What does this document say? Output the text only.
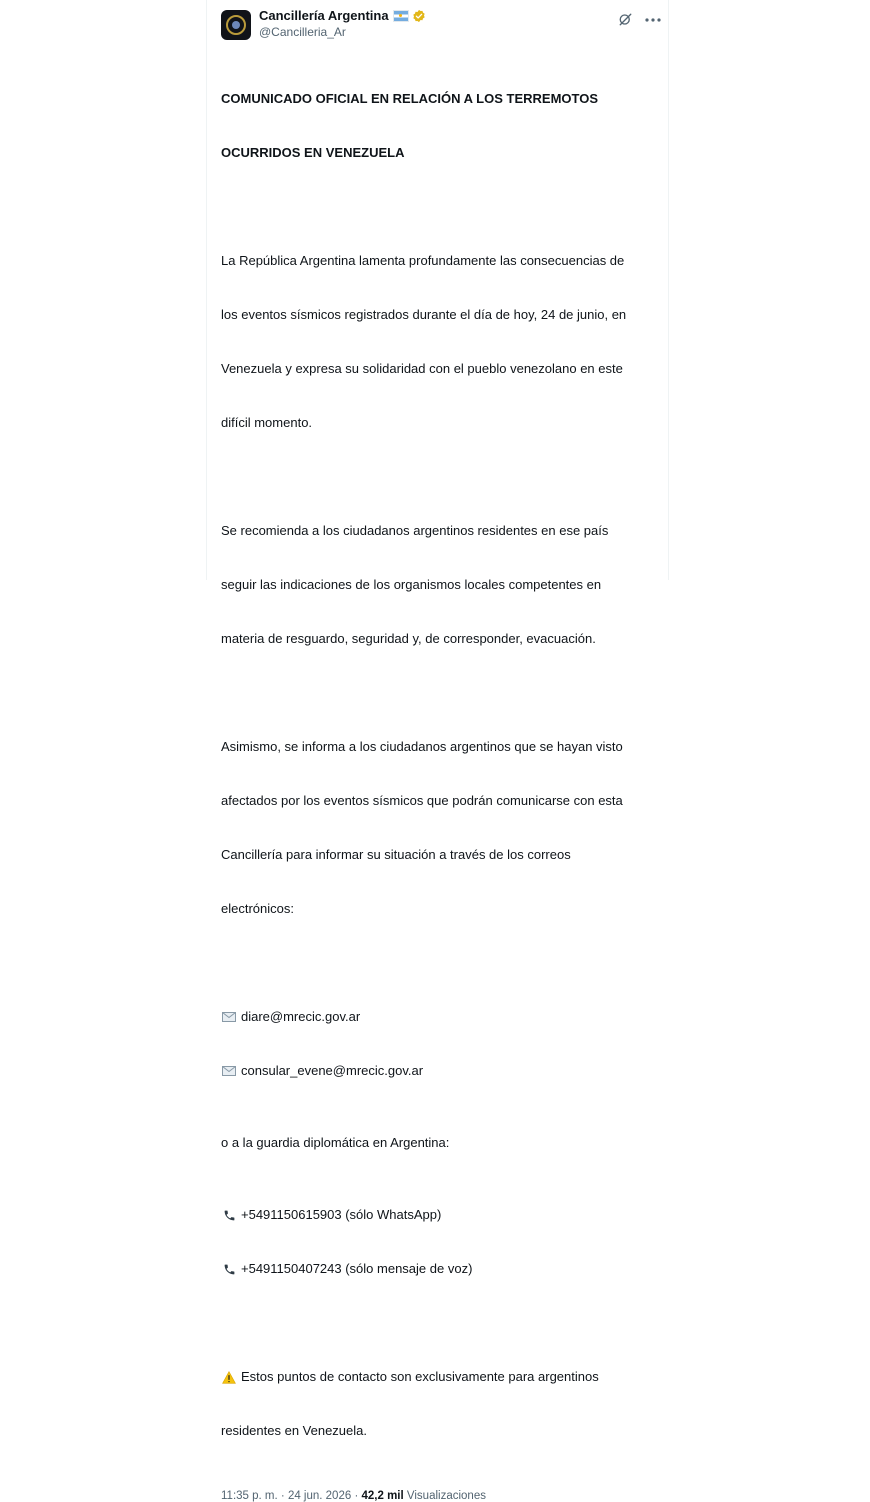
Cancillería Argentina
@Cancilleria_Ar

COMUNICADO OFICIAL EN RELACIÓN A LOS TERREMOTOS

OCURRIDOS EN VENEZUELA

La República Argentina lamenta profundamente las consecuencias de

los eventos sísmicos registrados durante el día de hoy, 24 de junio, en

Venezuela y expresa su solidaridad con el pueblo venezolano en este

difícil momento.

Se recomienda a los ciudadanos argentinos residentes en ese país

seguir las indicaciones de los organismos locales competentes en

materia de resguardo, seguridad y, de corresponder, evacuación.

Asimismo, se informa a los ciudadanos argentinos que se hayan visto

afectados por los eventos sísmicos que podrán comunicarse con esta

Cancillería para informar su situación a través de los correos

electrónicos:

diare@mrecic.gov.ar

consular_evene@mrecic.gov.ar

o a la guardia diplomática en Argentina:

+5491150615903 (sólo WhatsApp)

+5491150407243 (sólo mensaje de voz)

Estos puntos de contacto son exclusivamente para argentinos

residentes en Venezuela.

11:35 p. m. · 24 jun. 2026 · 42,2 mil Visualizaciones
